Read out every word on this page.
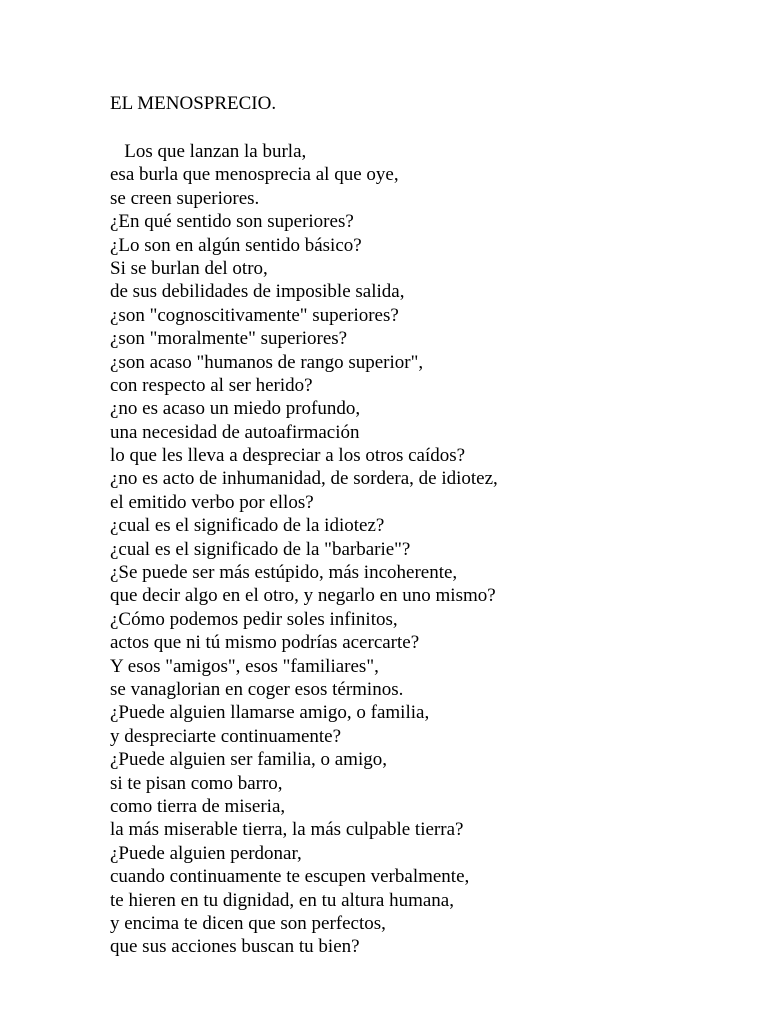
EL MENOSPRECIO.

Los que lanzan la burla,
esa burla que menosprecia al que oye,
se creen superiores.
¿En qué sentido son superiores?
¿Lo son en algún sentido básico?
Si se burlan del otro,
de sus debilidades de imposible salida,
¿son "cognoscitivamente" superiores?
¿son "moralmente" superiores?
¿son acaso "humanos de rango superior",
con respecto al ser herido?
¿no es acaso un miedo profundo,
una necesidad de autoafirmación
lo que les lleva a despreciar a los otros caídos?
¿no es acto de inhumanidad, de sordera, de idiotez,
el emitido verbo por ellos?
¿cual es el significado de la idiotez?
¿cual es el significado de la "barbarie"?
¿Se puede ser más estúpido, más incoherente,
que decir algo en el otro, y negarlo en uno mismo?
¿Cómo podemos pedir soles infinitos,
actos que ni tú mismo podrías acercarte?
Y esos "amigos", esos "familiares",
se vanaglorian en coger esos términos.
¿Puede alguien llamarse amigo, o familia,
y despreciarte continuamente?
¿Puede alguien ser familia, o amigo,
si te pisan como barro,
como tierra de miseria,
la más miserable tierra, la más culpable tierra?
¿Puede alguien perdonar,
cuando continuamente te escupen verbalmente,
te hieren en tu dignidad, en tu altura humana,
y encima te dicen que son perfectos,
que sus acciones buscan tu bien?
